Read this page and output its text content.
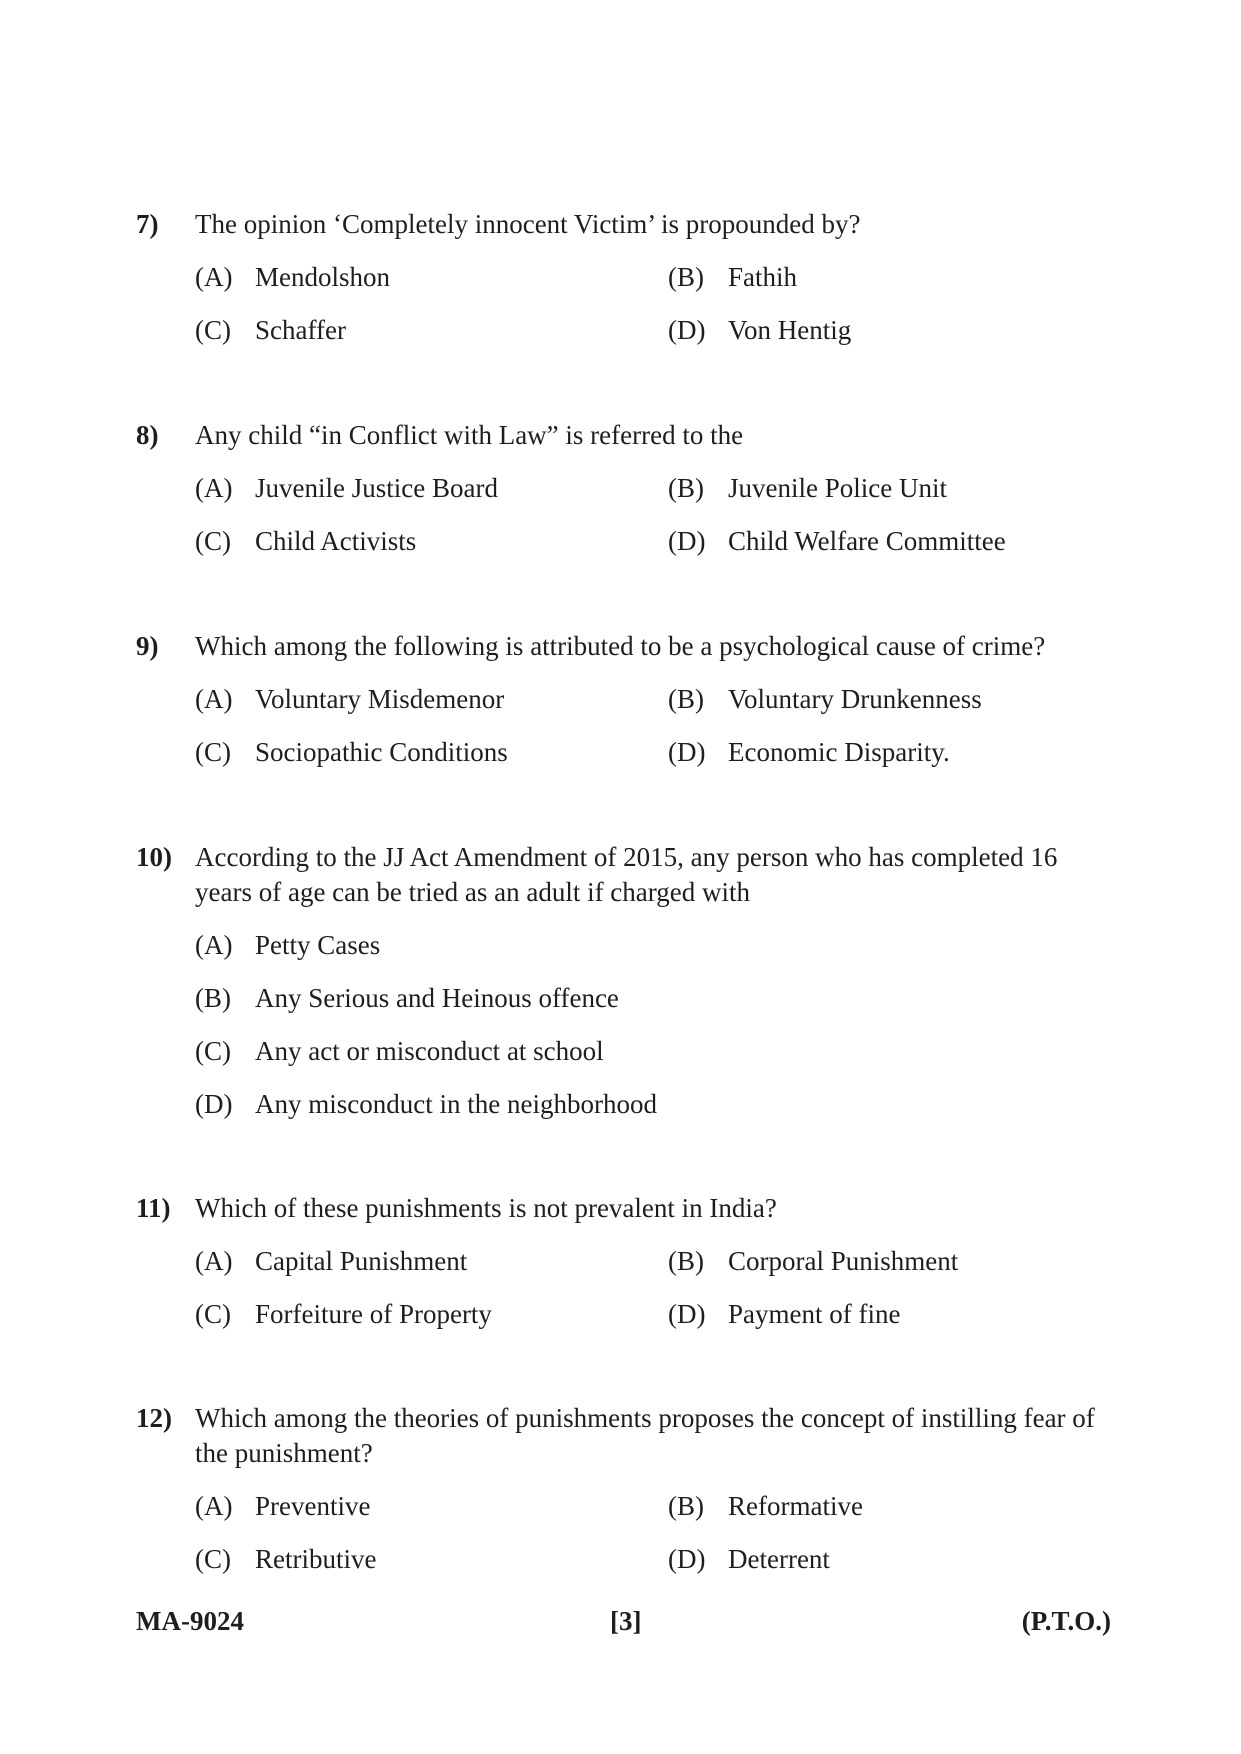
7) The opinion ‘Completely innocent Victim’ is propounded by?
(A) Mendolshon	(B) Fathih
(C) Schaffer	(D) Von Hentig
8) Any child “in Conflict with Law” is referred to the
(A) Juvenile Justice Board	(B) Juvenile Police Unit
(C) Child Activists	(D) Child Welfare Committee
9) Which among the following is attributed to be a psychological cause of crime?
(A) Voluntary Misdemenor	(B) Voluntary Drunkenness
(C) Sociopathic Conditions	(D) Economic Disparity.
10) According to the JJ Act Amendment of 2015, any person who has completed 16 years of age can be tried as an adult if charged with
(A) Petty Cases
(B) Any Serious and Heinous offence
(C) Any act or misconduct at school
(D) Any misconduct in the neighborhood
11) Which of these punishments is not prevalent in India?
(A) Capital Punishment	(B) Corporal Punishment
(C) Forfeiture of Property	(D) Payment of fine
12) Which among the theories of punishments proposes the concept of instilling fear of the punishment?
(A) Preventive	(B) Reformative
(C) Retributive	(D) Deterrent
MA-9024	[3]	(P.T.O.)
